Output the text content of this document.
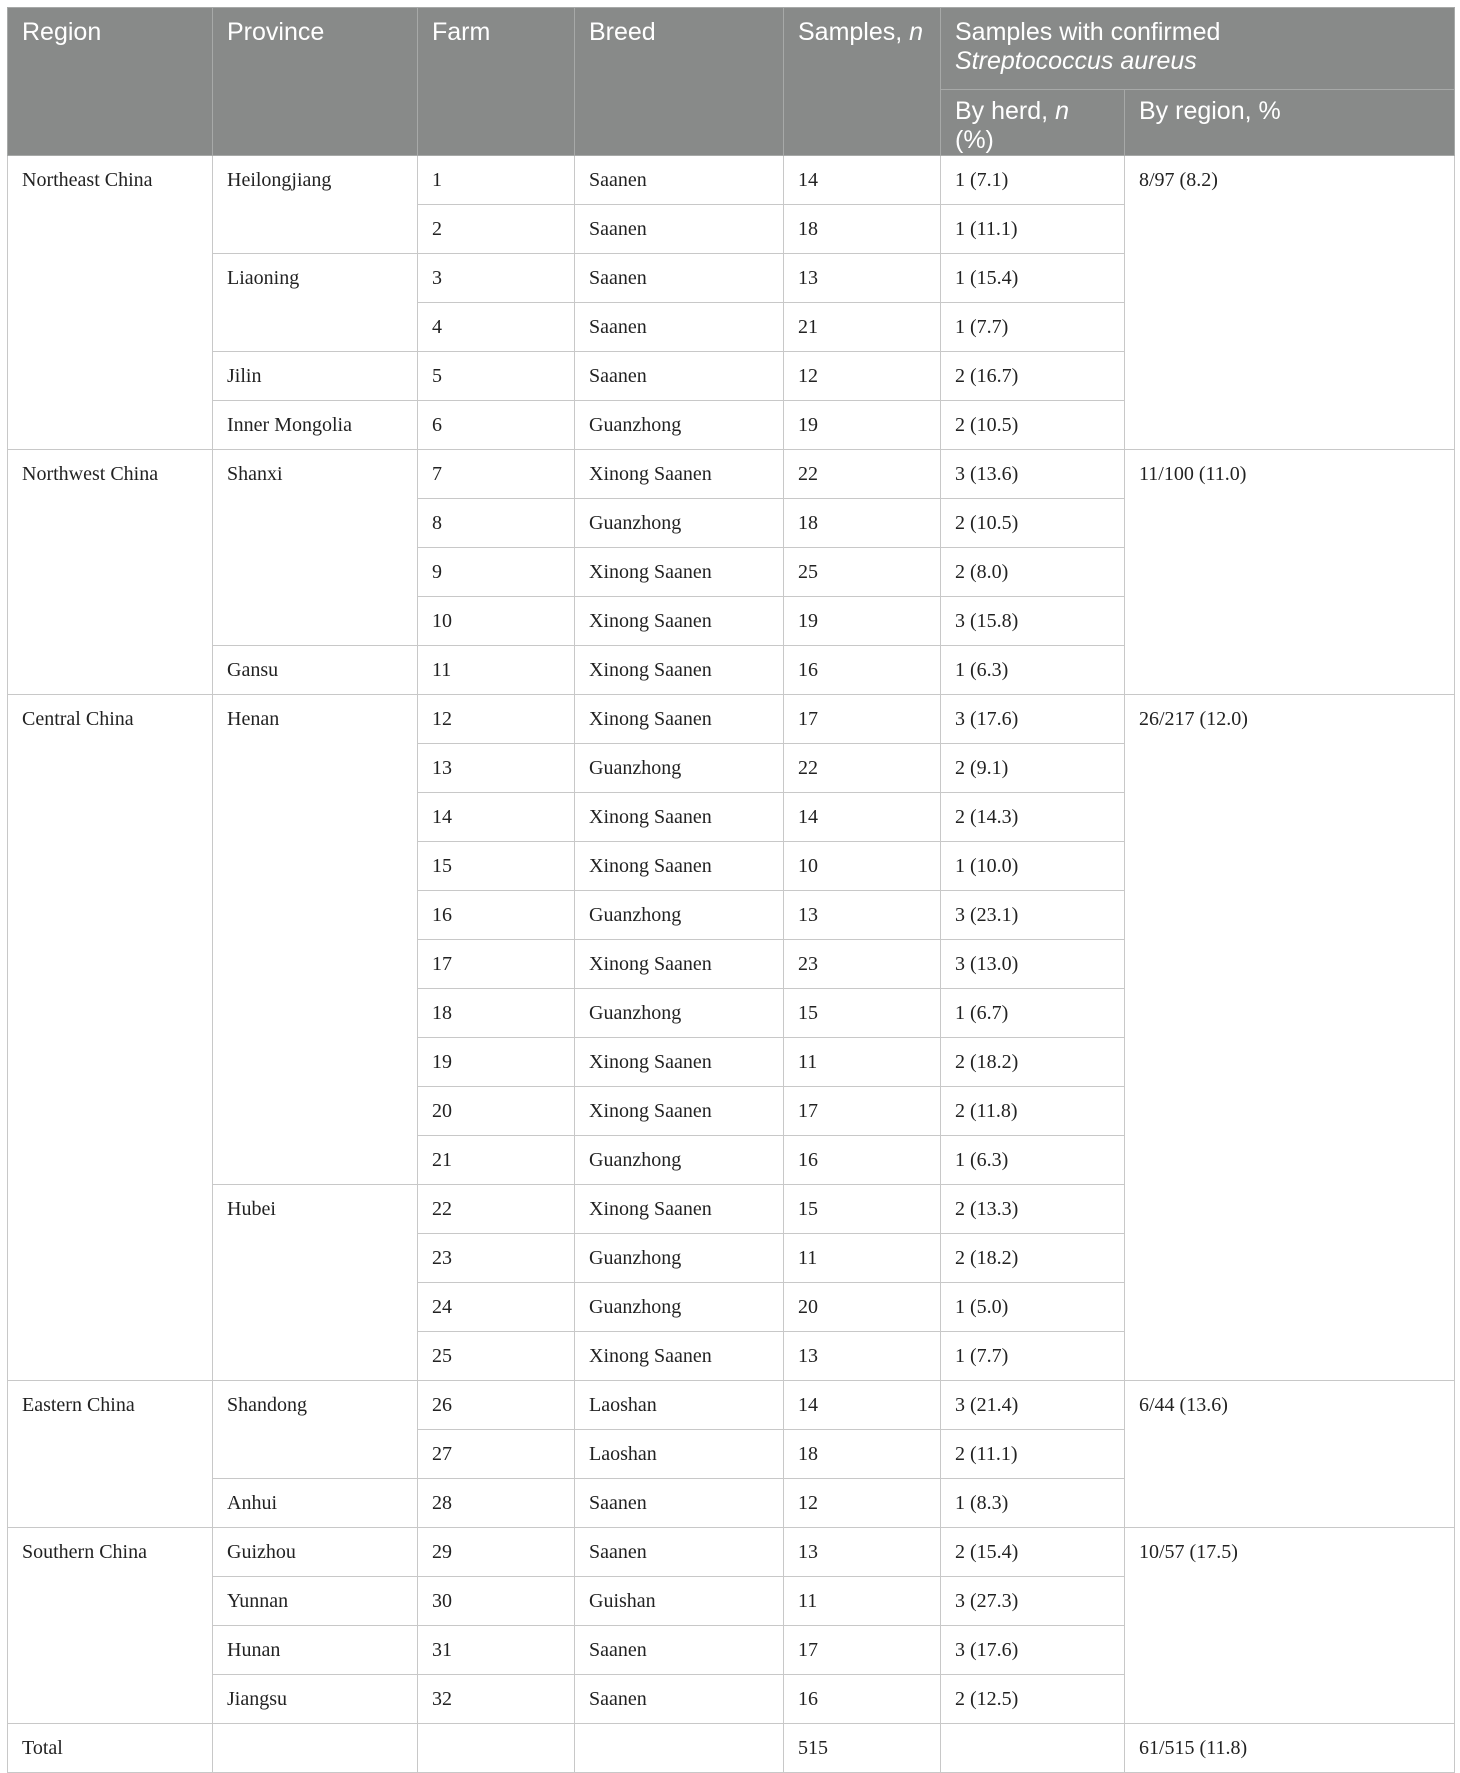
Region	Province	Farm	Breed	Samples, n	Samples with confirmed
Streptococcus aureus	
					By herd, n (%)	By region, %
Northeast China	Heilongjiang	1	Saanen	14	1 (7.1)	8/97 (8.2)
		2	Saanen	18	1 (11.1)	
	Liaoning	3	Saanen	13	1 (15.4)	
		4	Saanen	21	1 (7.7)	
	Jilin	5	Saanen	12	2 (16.7)	
	Inner Mongolia	6	Guanzhong	19	2 (10.5)	
Northwest China	Shanxi	7	Xinong Saanen	22	3 (13.6)	11/100 (11.0)
		8	Guanzhong	18	2 (10.5)	
		9	Xinong Saanen	25	2 (8.0)	
		10	Xinong Saanen	19	3 (15.8)	
	Gansu	11	Xinong Saanen	16	1 (6.3)	
Central China	Henan	12	Xinong Saanen	17	3 (17.6)	26/217 (12.0)
		13	Guanzhong	22	2 (9.1)	
		14	Xinong Saanen	14	2 (14.3)	
		15	Xinong Saanen	10	1 (10.0)	
		16	Guanzhong	13	3 (23.1)	
		17	Xinong Saanen	23	3 (13.0)	
		18	Guanzhong	15	1 (6.7)	
		19	Xinong Saanen	11	2 (18.2)	
		20	Xinong Saanen	17	2 (11.8)	
		21	Guanzhong	16	1 (6.3)	
	Hubei	22	Xinong Saanen	15	2 (13.3)	
		23	Guanzhong	11	2 (18.2)	
		24	Guanzhong	20	1 (5.0)	
		25	Xinong Saanen	13	1 (7.7)	
Eastern China	Shandong	26	Laoshan	14	3 (21.4)	6/44 (13.6)
		27	Laoshan	18	2 (11.1)	
	Anhui	28	Saanen	12	1 (8.3)	
Southern China	Guizhou	29	Saanen	13	2 (15.4)	10/57 (17.5)
	Yunnan	30	Guishan	11	3 (27.3)	
	Hunan	31	Saanen	17	3 (17.6)	
	Jiangsu	32	Saanen	16	2 (12.5)	
Total				515		61/515 (11.8)
